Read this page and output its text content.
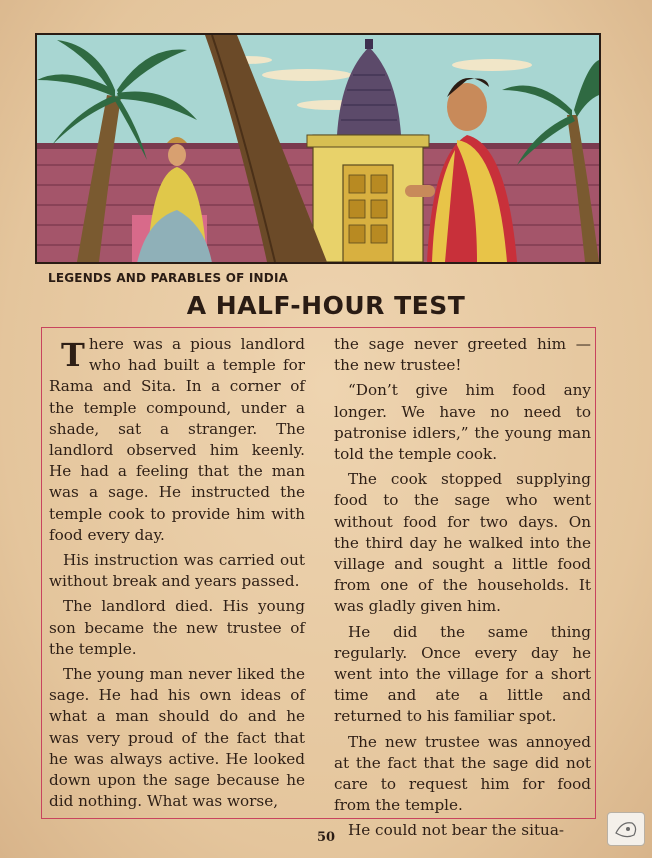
LEGENDS AND PARABLES OF INDIA
A HALF-HOUR TEST

There was a pious landlord who had built a temple for Rama and Sita. In a corner of the temple compound, under a shade, sat a stranger. The landlord observed him keenly. He had a feeling that the man was a sage. He instructed the temple cook to provide him with food every day.

His instruction was carried out without break and years passed.

The landlord died. His young son became the new trustee of the temple.

The young man never liked the sage. He had his own ideas of what a man should do and he was very proud of the fact that he was always active. He looked down upon the sage because he did nothing. What was worse,

the sage never greeted him — the new trustee!

“Don’t give him food any longer. We have no need to patronise idlers,” the young man told the temple cook.

The cook stopped supplying food to the sage who went without food for two days. On the third day he walked into the village and sought a little food from one of the households. It was gladly given him.

He did the same thing regularly. Once every day he went into the village for a short time and ate a little and returned to his familiar spot.

The new trustee was annoyed at the fact that the sage did not care to request him for food from the temple.

He could not bear the situa-

50
